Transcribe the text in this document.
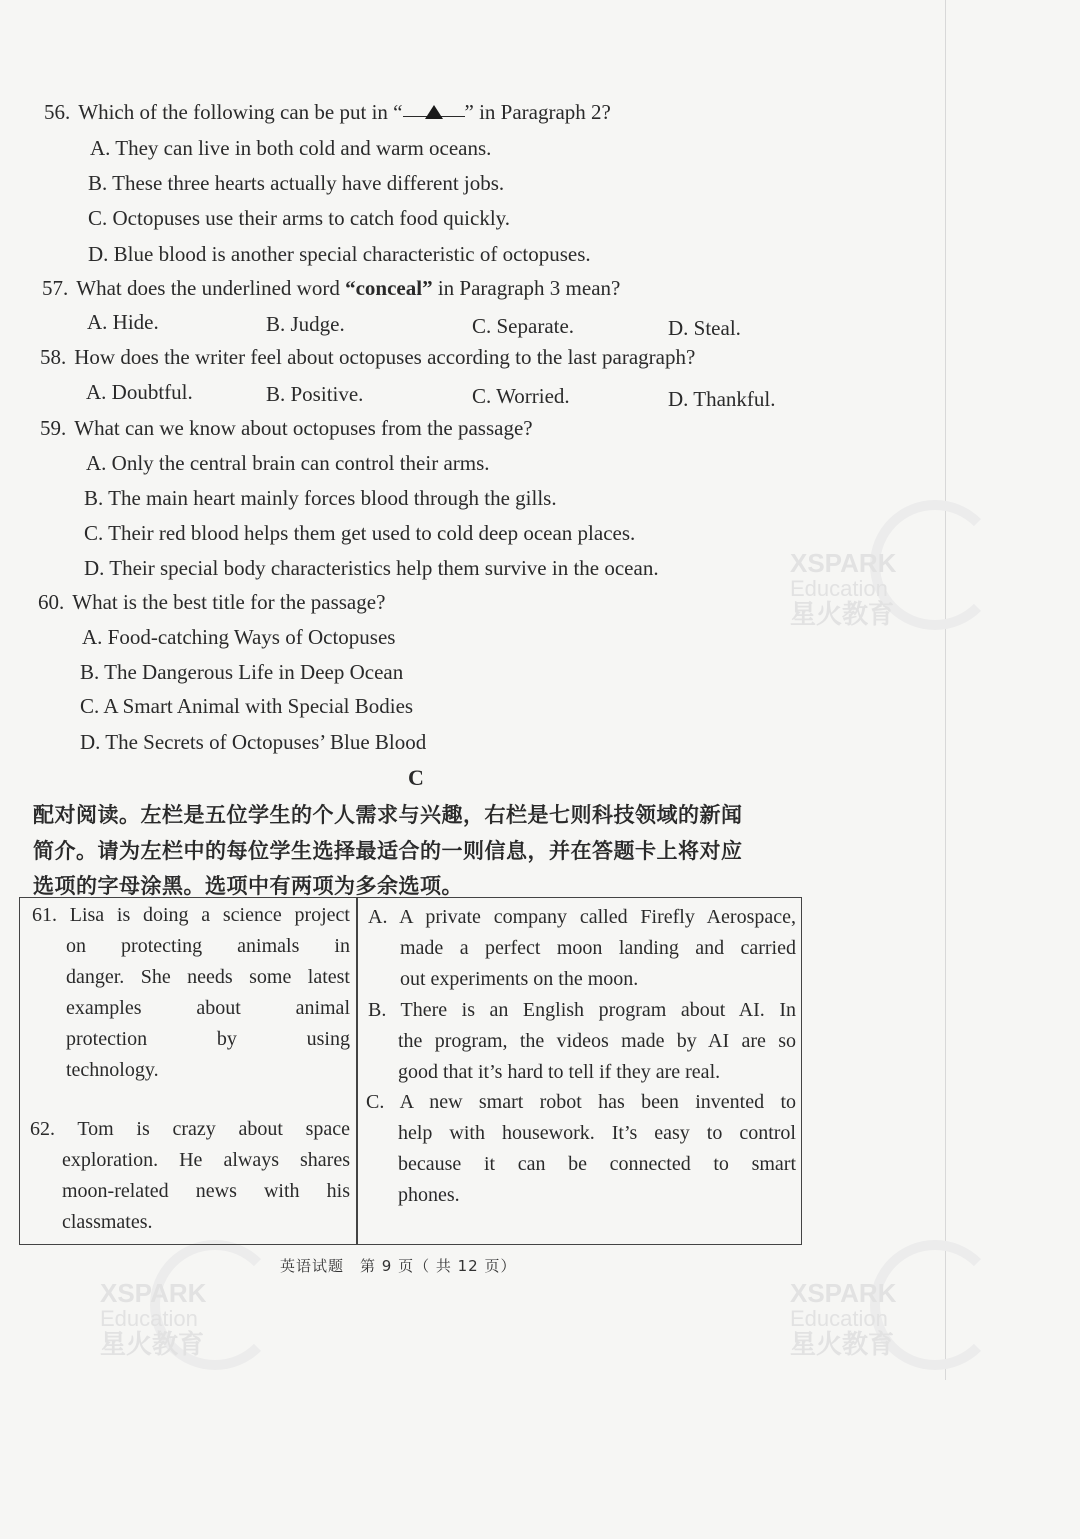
XSPARK
Education
星火教育
XSPARK
Education
星火教育
XSPARK
Education
星火教育
56. Which of the following can be put in “	” in Paragraph 2?
A. They can live in both cold and warm oceans.
B. These three hearts actually have different jobs.
C. Octopuses use their arms to catch food quickly.
D. Blue blood is another special characteristic of octopuses.
57. What does the underlined word “conceal” in Paragraph 3 mean?
A. Hide.	B. Judge.	C. Separate.	D. Steal.
58. How does the writer feel about octopuses according to the last paragraph?
A. Doubtful.	B. Positive.	C. Worried.	D. Thankful.
59. What can we know about octopuses from the passage?
A. Only the central brain can control their arms.
B. The main heart mainly forces blood through the gills.
C. Their red blood helps them get used to cold deep ocean places.
D. Their special body characteristics help them survive in the ocean.
60. What is the best title for the passage?
A. Food-catching Ways of Octopuses
B. The Dangerous Life in Deep Ocean
C. A Smart Animal with Special Bodies
D. The Secrets of Octopuses’ Blue Blood
C
配对阅读。左栏是五位学生的个人需求与兴趣，右栏是七则科技领域的新闻
简介。请为左栏中的每位学生选择最适合的一则信息，并在答题卡上将对应
选项的字母涂黑。选项中有两项为多余选项。
61. Lisa is doing a science project
on protecting animals in
danger. She needs some latest
examples about animal
protection by using
technology.
62. Tom is crazy about space
exploration. He always shares
moon-related news with his
classmates.
A. A private company called Firefly Aerospace,
made a perfect moon landing and carried
out experiments on the moon.
B. There is an English program about AI. In
the program, the videos made by AI are so
good that it’s hard to tell if they are real.
C. A new smart robot has been invented to
help with housework. It’s easy to control
because it can be connected to smart
phones.
英语试题　第 9 页（ 共 12 页）
